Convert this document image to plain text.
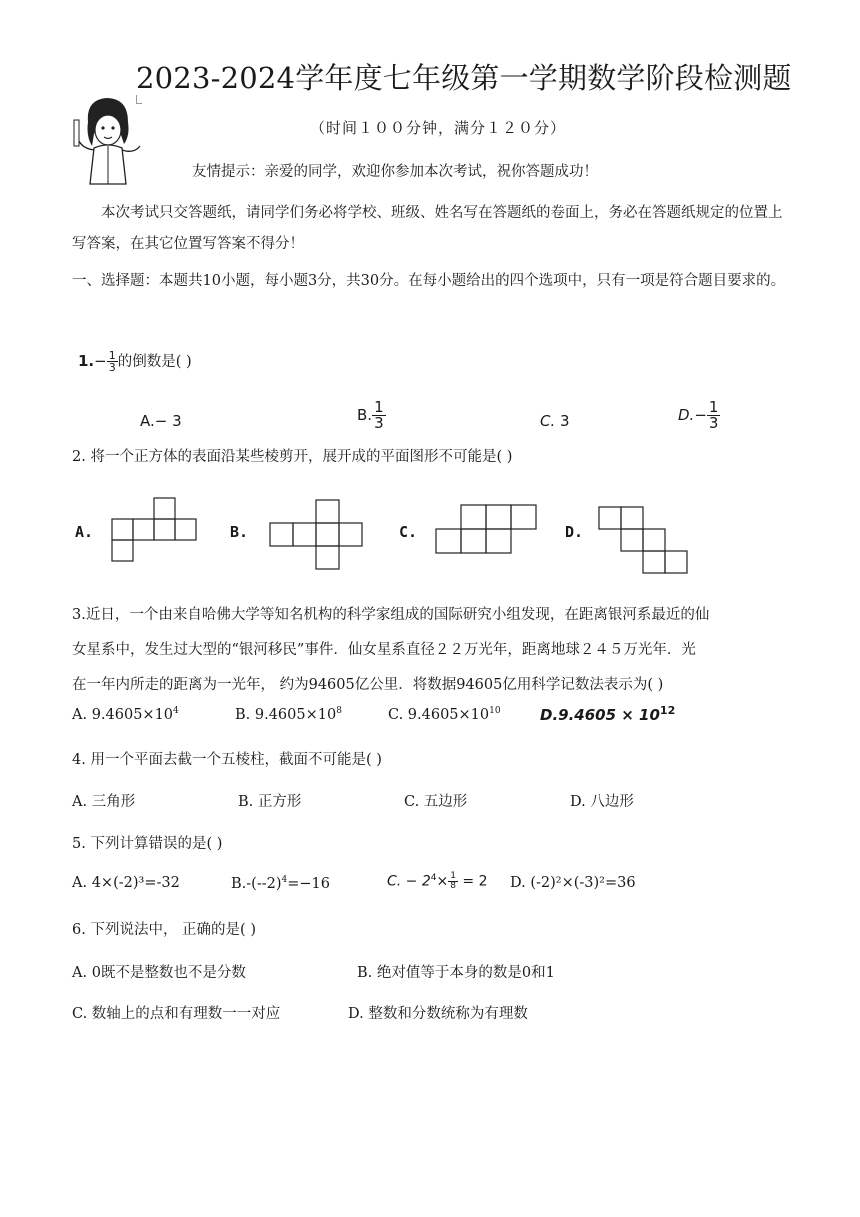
2023-2024学年度七年级第一学期数学阶段检测题
（时间１００分钟，满分１２０分）
友情提示：亲爱的同学，欢迎你参加本次考试，祝你答题成功！
本次考试只交答题纸，请同学们务必将学校、班级、姓名写在答题纸的卷面上，务必在答题纸规定的位置上写答案，在其它位置写答案不得分！
一、选择题：本题共10小题，每小题3分，共30分。在每小题给出的四个选项中，只有一项是符合题目要求的。
$1.- \frac{1}{3}$ 的倒数是( )
A.− 3	B. $\frac{1}{3}$	C. 3	$D.- \frac{1}{3}$
2. 将一个正方体的表面沿某些棱剪开，展开成的平面图形不可能是( )
A.	B.	C.	D.
3.近日，一个由来自哈佛大学等知名机构的科学家组成的国际研究小组发现，在距离银河系最近的仙
女星系中，发生过大型的“银河移民”事件．仙女星系直径２２万光年，距离地球２４５万光年．光
在一年内所走的距离为一光年， 约为94605亿公里．将数据94605亿用科学记数法表示为( )
A. $9.4605\times 10^4$	B. $9.4605\times 10^8$	C. $9.4605\times 10^{10}$	$D.9.4605 \times 10^{12}$
4. 用一个平面去截一个五棱柱，截面不可能是( )
A. 三角形	B. 正方形	C. 五边形	D. 八边形
5. 下列计算错误的是( )
A. 4×(-2)³=-32	$B.-(--2)^4=-16$	C. − $2^4\times \frac{1}{8} = 2$ D. (-2)²×(-3)²=36
6. 下列说法中， 正确的是( )
A. 0既不是整数也不是分数	B. 绝对值等于本身的数是0和1
C. 数轴上的点和有理数一一对应	D. 整数和分数统称为有理数
